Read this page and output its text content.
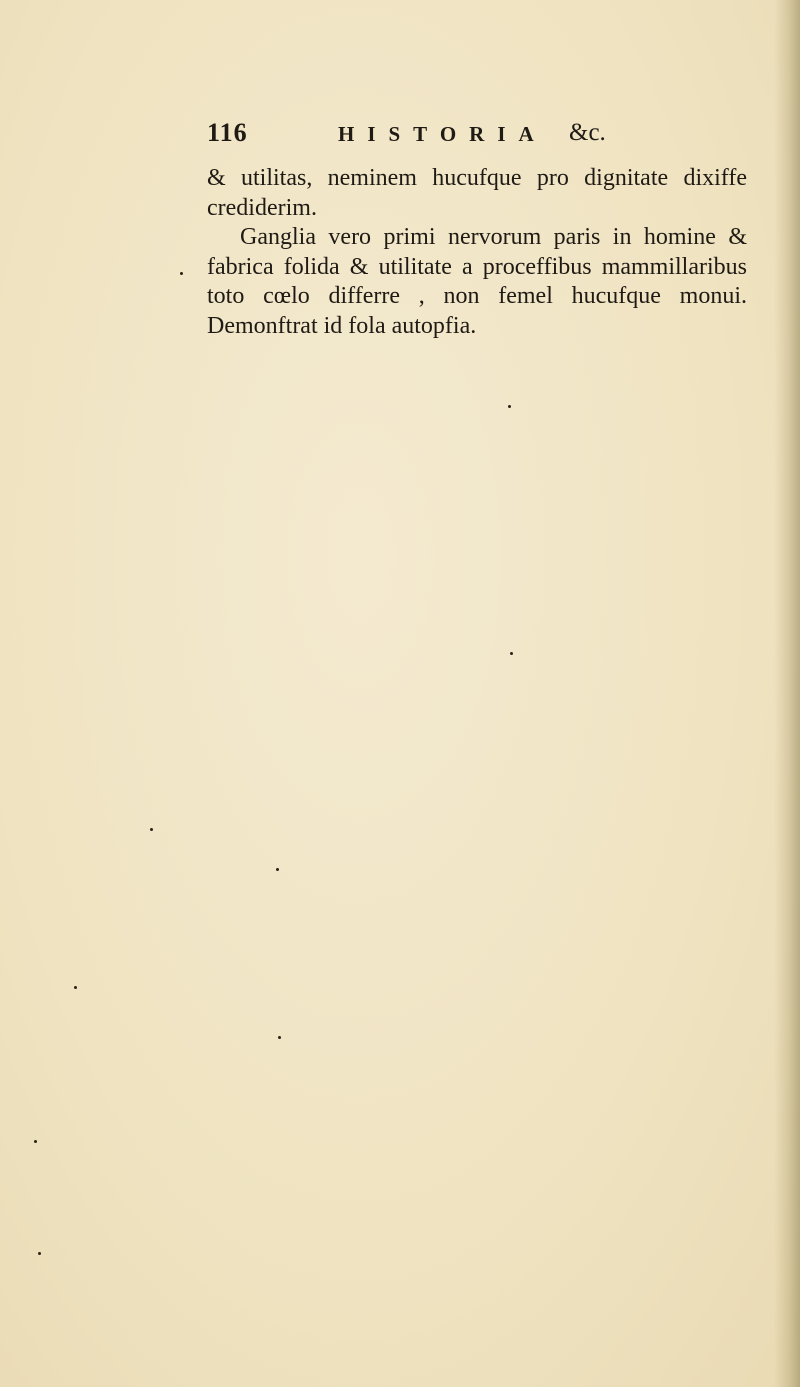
116	HISTORIA &c.
& utilitas, neminem hucufque pro dignitate dixiffe
crediderim.
Ganglia vero primi nervorum paris in homine &
fabrica folida & utilitate a proceffibus mammillaribus
toto cœlo differre , non femel hucufque monui.
Demonftrat id fola autopfia.
